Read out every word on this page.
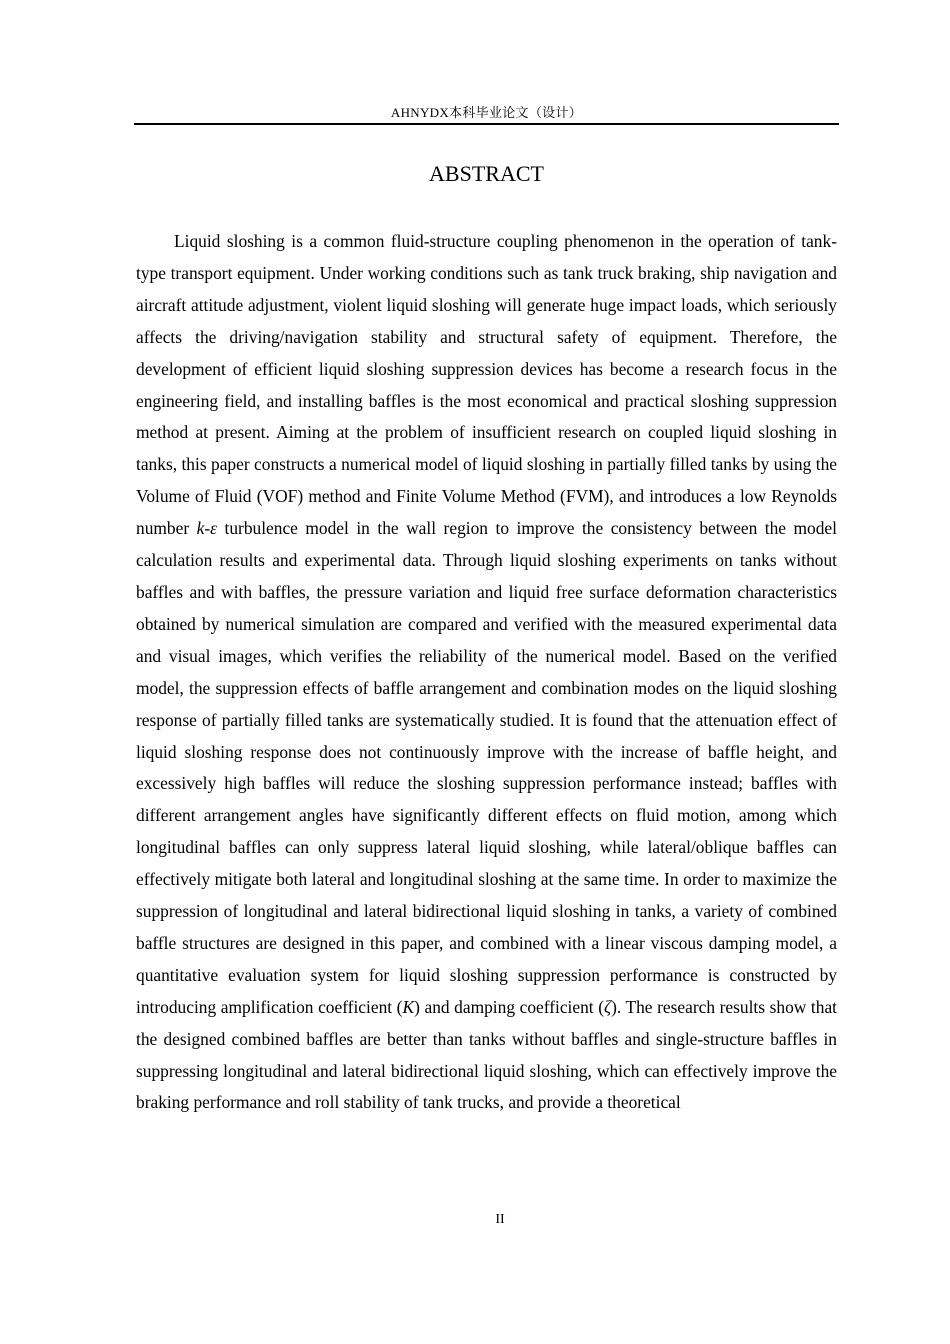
AHNYDX本科毕业论文（设计）
ABSTRACT

Liquid sloshing is a common fluid-structure coupling phenomenon in the operation of tank-type transport equipment. Under working conditions such as tank truck braking, ship navigation and aircraft attitude adjustment, violent liquid sloshing will generate huge impact loads, which seriously affects the driving/navigation stability and structural safety of equipment. Therefore, the development of efficient liquid sloshing suppression devices has become a research focus in the engineering field, and installing baffles is the most economical and practical sloshing suppression method at present. Aiming at the problem of insufficient research on coupled liquid sloshing in tanks, this paper constructs a numerical model of liquid sloshing in partially filled tanks by using the Volume of Fluid (VOF) method and Finite Volume Method (FVM), and introduces a low Reynolds number k-ε turbulence model in the wall region to improve the consistency between the model calculation results and experimental data. Through liquid sloshing experiments on tanks without baffles and with baffles, the pressure variation and liquid free surface deformation characteristics obtained by numerical simulation are compared and verified with the measured experimental data and visual images, which verifies the reliability of the numerical model. Based on the verified model, the suppression effects of baffle arrangement and combination modes on the liquid sloshing response of partially filled tanks are systematically studied. It is found that the attenuation effect of liquid sloshing response does not continuously improve with the increase of baffle height, and excessively high baffles will reduce the sloshing suppression performance instead; baffles with different arrangement angles have significantly different effects on fluid motion, among which longitudinal baffles can only suppress lateral liquid sloshing, while lateral/oblique baffles can effectively mitigate both lateral and longitudinal sloshing at the same time. In order to maximize the suppression of longitudinal and lateral bidirectional liquid sloshing in tanks, a variety of combined baffle structures are designed in this paper, and combined with a linear viscous damping model, a quantitative evaluation system for liquid sloshing suppression performance is constructed by introducing amplification coefficient (K) and damping coefficient (ζ). The research results show that the designed combined baffles are better than tanks without baffles and single-structure baffles in suppressing longitudinal and lateral bidirectional liquid sloshing, which can effectively improve the braking performance and roll stability of tank trucks, and provide a theoretical

II
